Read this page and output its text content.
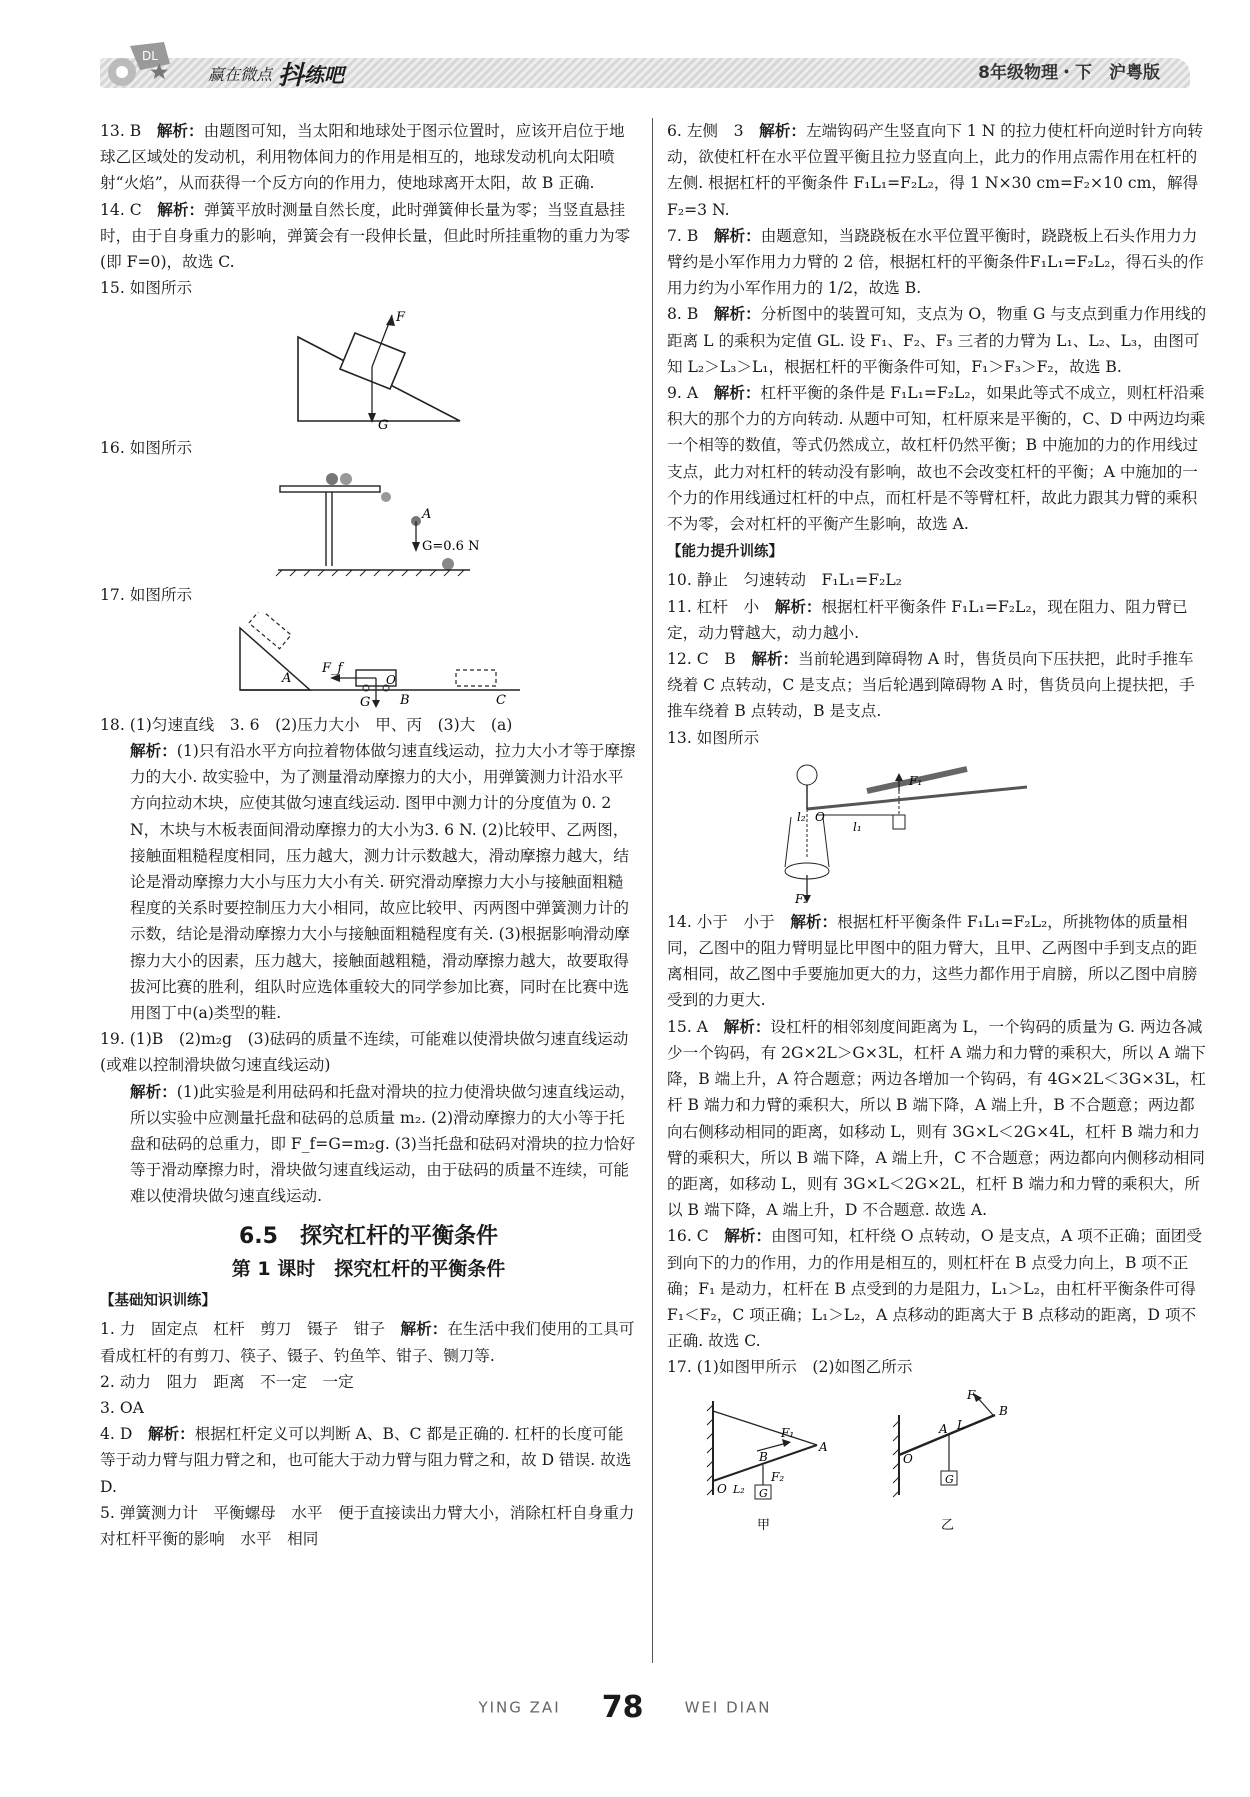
DL
赢在微点 抖 练吧	8年级物理・下　沪粤版

13. B　解析：由题图可知，当太阳和地球处于图示位置时，应该开启位于地球乙区域处的发动机，利用物体间力的作用是相互的，地球发动机向太阳喷射“火焰”，从而获得一个反方向的作用力，使地球离开太阳，故 B 正确.

14. C　解析：弹簧平放时测量自然长度，此时弹簧伸长量为零；当竖直悬挂时，由于自身重力的影响，弹簧会有一段伸长量，但此时所挂重物的重力为零(即 F=0)，故选 C.

15. 如图所示

F
G

16. 如图所示

A
G=0.6 N

17. 如图所示

F_f
O
G B	C
A

18. (1)匀速直线　3. 6　(2)压力大小　甲、丙　(3)大　(a)

解析：(1)只有沿水平方向拉着物体做匀速直线运动，拉力大小才等于摩擦力的大小. 故实验中，为了测量滑动摩擦力的大小，用弹簧测力计沿水平方向拉动木块，应使其做匀速直线运动. 图甲中测力计的分度值为 0. 2 N，木块与木板表面间滑动摩擦力的大小为3. 6 N. (2)比较甲、乙两图，接触面粗糙程度相同，压力越大，测力计示数越大，滑动摩擦力越大，结论是滑动摩擦力大小与压力大小有关. 研究滑动摩擦力大小与接触面粗糙程度的关系时要控制压力大小相同，故应比较甲、丙两图中弹簧测力计的示数，结论是滑动摩擦力大小与接触面粗糙程度有关. (3)根据影响滑动摩擦力大小的因素，压力越大，接触面越粗糙，滑动摩擦力越大，故要取得拔河比赛的胜利，组队时应选体重较大的同学参加比赛，同时在比赛中选用图丁中(a)类型的鞋.

19. (1)B　(2)m₂g　(3)砝码的质量不连续，可能难以使滑块做匀速直线运动(或难以控制滑块做匀速直线运动)

解析：(1)此实验是利用砝码和托盘对滑块的拉力使滑块做匀速直线运动，所以实验中应测量托盘和砝码的总质量 m₂. (2)滑动摩擦力的大小等于托盘和砝码的总重力，即 F_f=G=m₂g. (3)当托盘和砝码对滑块的拉力恰好等于滑动摩擦力时，滑块做匀速直线运动，由于砝码的质量不连续，可能难以使滑块做匀速直线运动.

6.5　探究杠杆的平衡条件
第 1 课时　探究杠杆的平衡条件
【基础知识训练】

1. 力　固定点　杠杆　剪刀　镊子　钳子　解析：在生活中我们使用的工具可看成杠杆的有剪刀、筷子、镊子、钓鱼竿、钳子、铡刀等.

2. 动力　阻力　距离　不一定　一定

3. OA

4. D　解析：根据杠杆定义可以判断 A、B、C 都是正确的. 杠杆的长度可能等于动力臂与阻力臂之和，也可能大于动力臂与阻力臂之和，故 D 错误. 故选 D.

5. 弹簧测力计　平衡螺母　水平　便于直接读出力臂大小，消除杠杆自身重力对杠杆平衡的影响　水平　相同

6. 左侧　3　解析：左端钩码产生竖直向下 1 N 的拉力使杠杆向逆时针方向转动，欲使杠杆在水平位置平衡且拉力竖直向上，此力的作用点需作用在杠杆的左侧. 根据杠杆的平衡条件 F₁L₁=F₂L₂，得 1 N×30 cm=F₂×10 cm，解得 F₂=3 N.

7. B　解析：由题意知，当跷跷板在水平位置平衡时，跷跷板上石头作用力力臂约是小军作用力力臂的 2 倍，根据杠杆的平衡条件F₁L₁=F₂L₂，得石头的作用力约为小军作用力的 1/2，故选 B.

8. B　解析：分析图中的装置可知，支点为 O，物重 G 与支点到重力作用线的距离 L 的乘积为定值 GL. 设 F₁、F₂、F₃ 三者的力臂为 L₁、L₂、L₃，由图可知 L₂＞L₃＞L₁，根据杠杆的平衡条件可知，F₁＞F₃＞F₂，故选 B.

9. A　解析：杠杆平衡的条件是 F₁L₁=F₂L₂，如果此等式不成立，则杠杆沿乘积大的那个力的方向转动. 从题中可知，杠杆原来是平衡的，C、D 中两边均乘一个相等的数值，等式仍然成立，故杠杆仍然平衡；B 中施加的力的作用线过支点，此力对杠杆的转动没有影响，故也不会改变杠杆的平衡；A 中施加的一个力的作用线通过杠杆的中点，而杠杆是不等臂杠杆，故此力跟其力臂的乘积不为零，会对杠杆的平衡产生影响，故选 A.

【能力提升训练】

10. 静止　匀速转动　F₁L₁=F₂L₂

11. 杠杆　小　解析：根据杠杆平衡条件 F₁L₁=F₂L₂，现在阻力、阻力臂已定，动力臂越大，动力越小.

12. C　B　解析：当前轮遇到障碍物 A 时，售货员向下压扶把，此时手推车绕着 C 点转动，C 是支点；当后轮遇到障碍物 A 时，售货员向上提扶把，手推车绕着 B 点转动，B 是支点.

13. 如图所示

F₁
F₂
l₁
l₂ O

14. 小于　小于　解析：根据杠杆平衡条件 F₁L₁=F₂L₂，所挑物体的质量相同，乙图中的阻力臂明显比甲图中的阻力臂大，且甲、乙两图中手到支点的距离相同，故乙图中手要施加更大的力，这些力都作用于肩膀，所以乙图中肩膀受到的力更大.

15. A　解析：设杠杆的相邻刻度间距离为 L，一个钩码的质量为 G. 两边各减少一个钩码，有 2G×2L＞G×3L，杠杆 A 端力和力臂的乘积大，所以 A 端下降，B 端上升，A 符合题意；两边各增加一个钩码，有 4G×2L＜3G×3L，杠杆 B 端力和力臂的乘积大，所以 B 端下降，A 端上升，B 不合题意；两边都向右侧移动相同的距离，如移动 L，则有 3G×L＜2G×4L，杠杆 B 端力和力臂的乘积大，所以 B 端下降，A 端上升，C 不合题意；两边都向内侧移动相同的距离，如移动 L，则有 3G×L＜2G×2L，杠杆 B 端力和力臂的乘积大，所以 B 端下降，A 端上升，D 不合题意. 故选 A.

16. C　解析：由图可知，杠杆绕 O 点转动，O 是支点，A 项不正确；面团受到向下的力的作用，力的作用是相互的，则杠杆在 B 点受力向上，B 项不正确；F₁ 是动力，杠杆在 B 点受到的力是阻力，L₁＞L₂，由杠杆平衡条件可得 F₁＜F₂，C 项正确；L₁＞L₂，A 点移动的距离大于 B 点移动的距离，D 项不正确. 故选 C.

17. (1)如图甲所示　(2)如图乙所示

F₁
F₂
A
B
O L₂ G
甲
F
A
B
L
O
G
乙
YING ZAI 78	WEI DIAN
